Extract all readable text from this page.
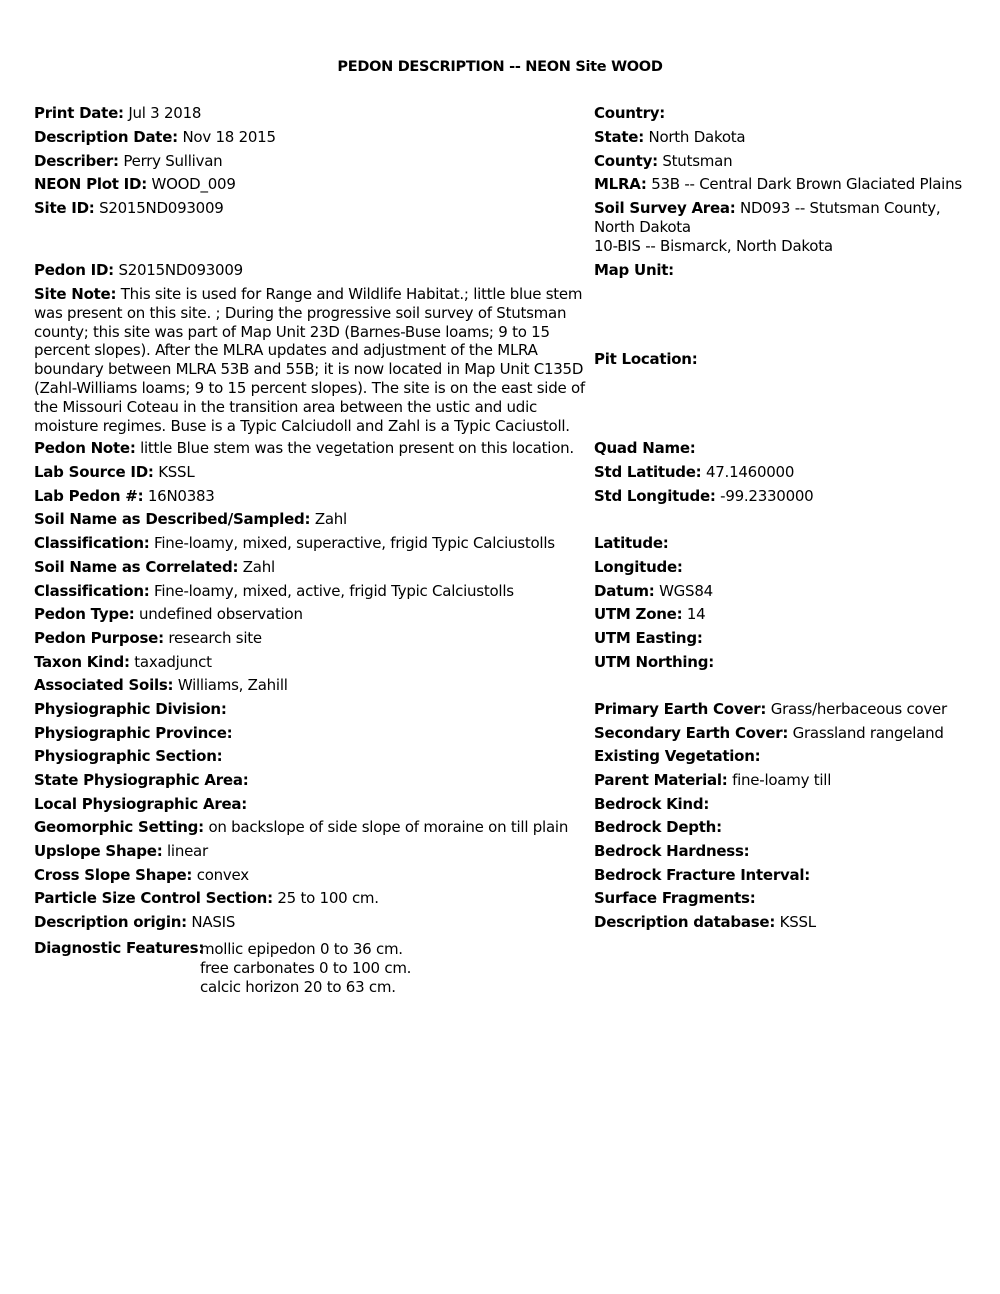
PEDON DESCRIPTION -- NEON Site WOOD
Print Date: Jul 3 2018
Description Date: Nov 18 2015
Describer: Perry Sullivan
NEON Plot ID: WOOD_009
Site ID: S2015ND093009
Pedon ID: S2015ND093009
Site Note: This site is used for Range and Wildlife Habitat.; little blue stem was present on this site. ; During the progressive soil survey of Stutsman county; this site was part of Map Unit 23D (Barnes-Buse loams; 9 to 15 percent slopes). After the MLRA updates and adjustment of the MLRA boundary between MLRA 53B and 55B; it is now located in Map Unit C135D (Zahl-Williams loams; 9 to 15 percent slopes). The site is on the east side of the Missouri Coteau in the transition area between the ustic and udic moisture regimes. Buse is a Typic Calciudoll and Zahl is a Typic Caciustoll.
Pedon Note: little Blue stem was the vegetation present on this location.
Lab Source ID: KSSL
Lab Pedon #: 16N0383
Soil Name as Described/Sampled: Zahl
Classification: Fine-loamy, mixed, superactive, frigid Typic Calciustolls
Soil Name as Correlated: Zahl
Classification: Fine-loamy, mixed, active, frigid Typic Calciustolls
Pedon Type: undefined observation
Pedon Purpose: research site
Taxon Kind: taxadjunct
Associated Soils: Williams, Zahill
Physiographic Division:
Physiographic Province:
Physiographic Section:
State Physiographic Area:
Local Physiographic Area:
Geomorphic Setting: on backslope of side slope of moraine on till plain
Upslope Shape: linear
Cross Slope Shape: convex
Particle Size Control Section: 25 to 100 cm.
Description origin: NASIS
Diagnostic Features:
mollic epipedon 0 to 36 cm.
free carbonates 0 to 100 cm.
calcic horizon 20 to 63 cm.
Country:
State: North Dakota
County: Stutsman
MLRA: 53B -- Central Dark Brown Glaciated Plains
Soil Survey Area: ND093 -- Stutsman County, North Dakota
10-BIS -- Bismarck, North Dakota
Map Unit:
Pit Location:
Quad Name:
Std Latitude: 47.1460000
Std Longitude: -99.2330000
Latitude:
Longitude:
Datum: WGS84
UTM Zone: 14
UTM Easting:
UTM Northing:
Primary Earth Cover: Grass/herbaceous cover
Secondary Earth Cover: Grassland rangeland
Existing Vegetation:
Parent Material: fine-loamy till
Bedrock Kind:
Bedrock Depth:
Bedrock Hardness:
Bedrock Fracture Interval:
Surface Fragments:
Description database: KSSL
